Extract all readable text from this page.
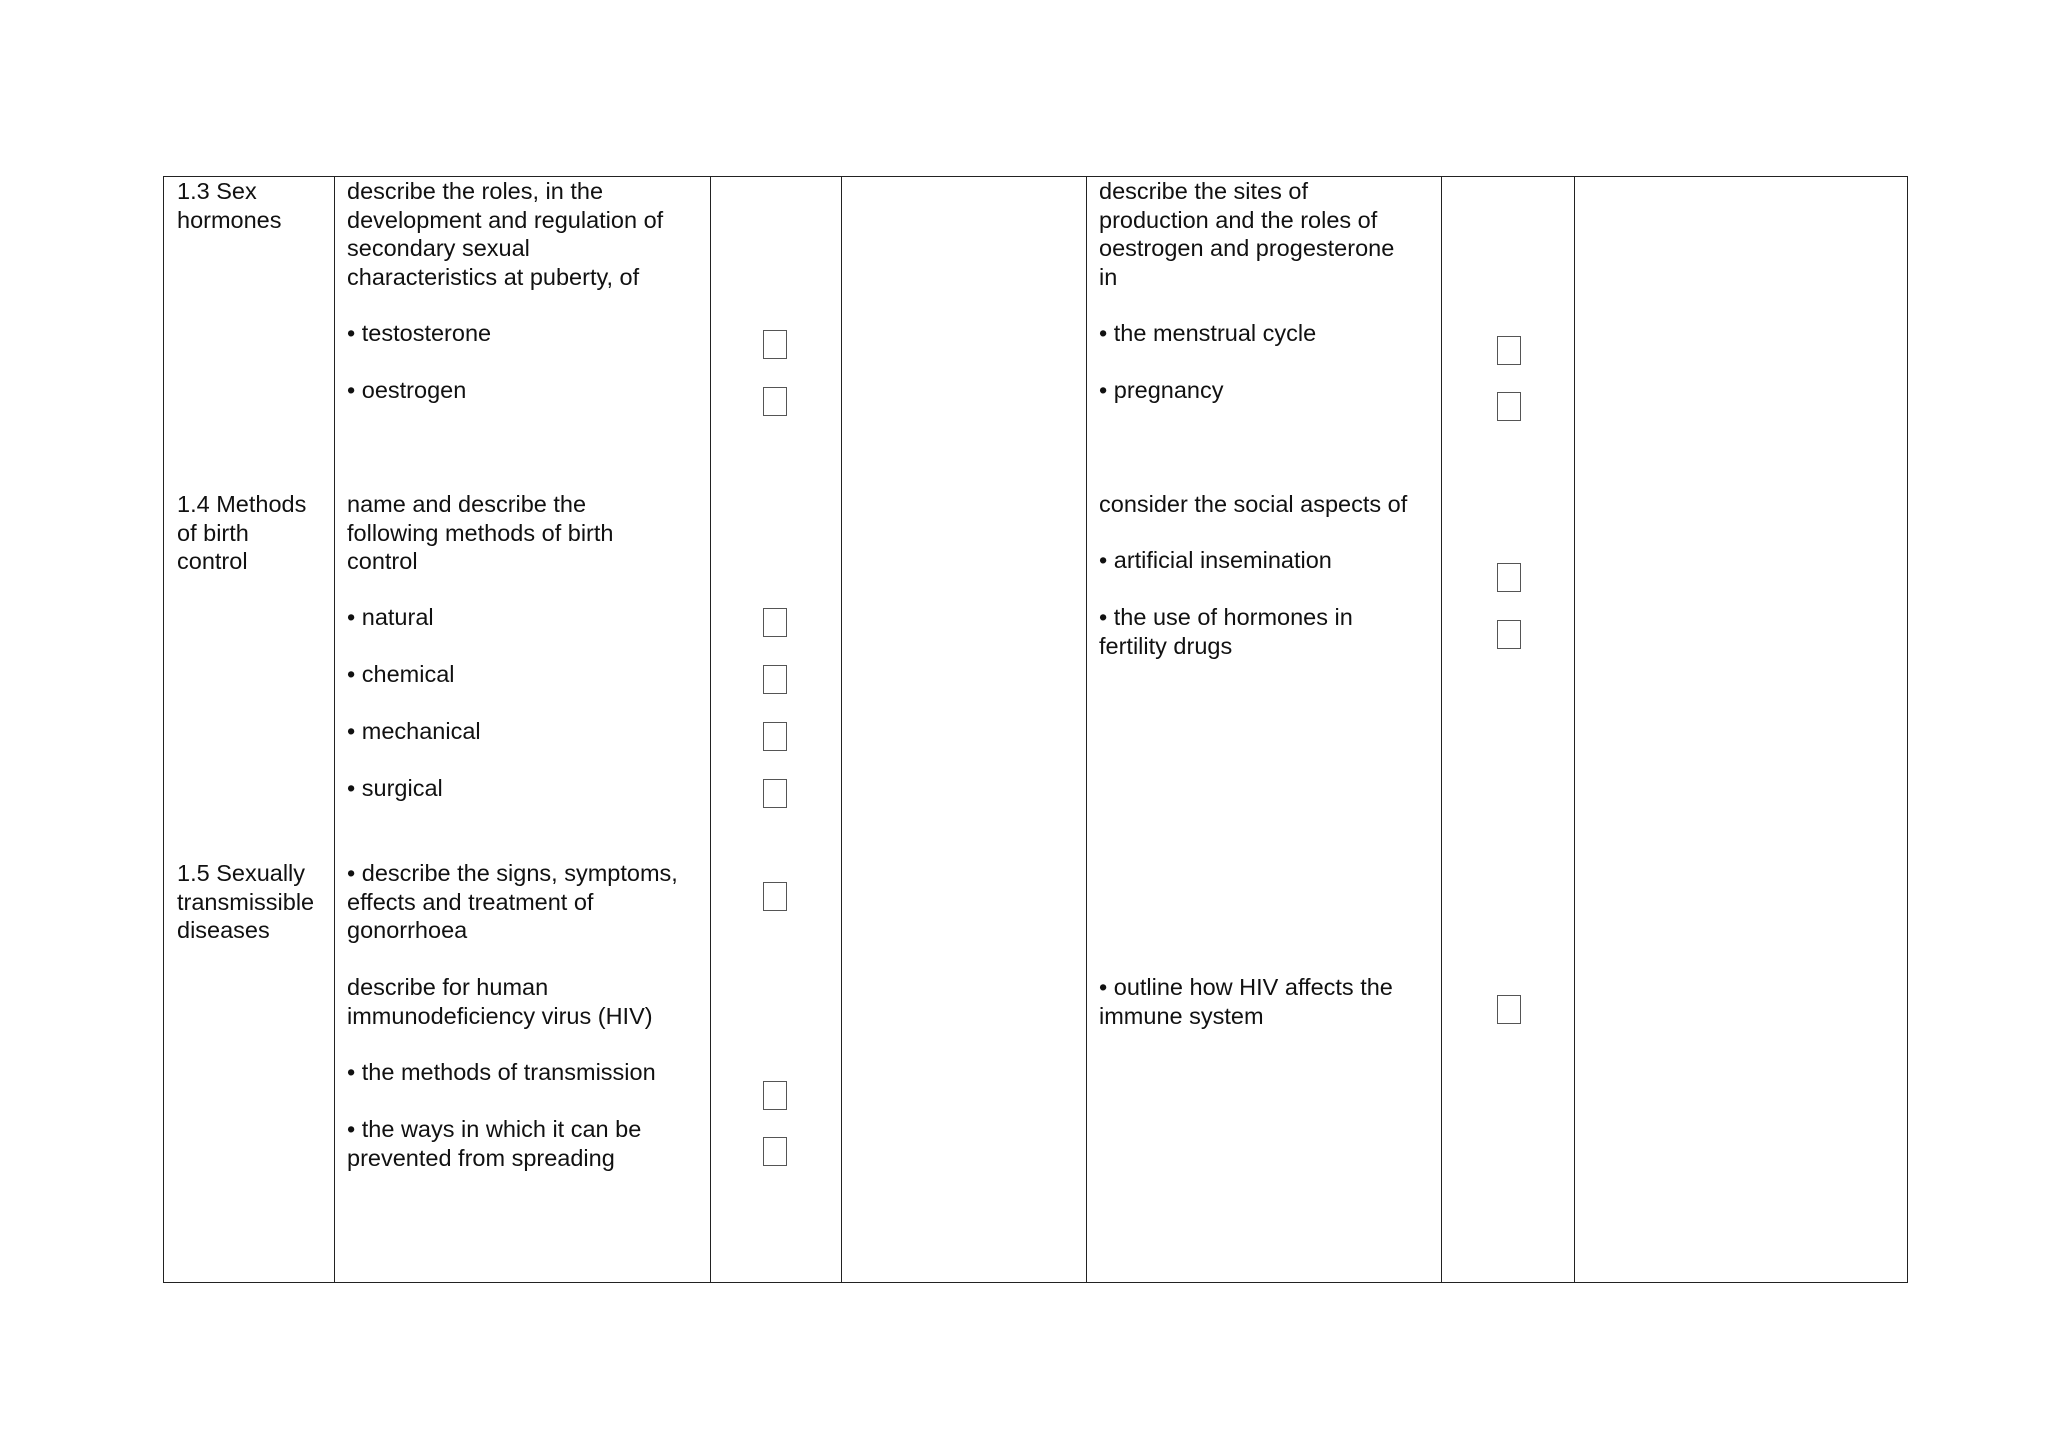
1.3 Sex
hormones
describe the roles, in the
development and regulation of
secondary sexual
characteristics at puberty, of
• testosterone
• oestrogen
describe the sites of
production and the roles of
oestrogen and progesterone
in
• the menstrual cycle
• pregnancy
1.4 Methods
of birth
control
name and describe the
following methods of birth
control
• natural
• chemical
• mechanical
• surgical
consider the social aspects of
• artificial insemination
• the use of hormones in
fertility drugs
1.5 Sexually
transmissible
diseases
• describe the signs, symptoms,
effects and treatment of
gonorrhoea
describe for human
immunodeficiency virus (HIV)
• the methods of transmission
• the ways in which it can be
prevented from spreading
• outline how HIV affects the
immune system
